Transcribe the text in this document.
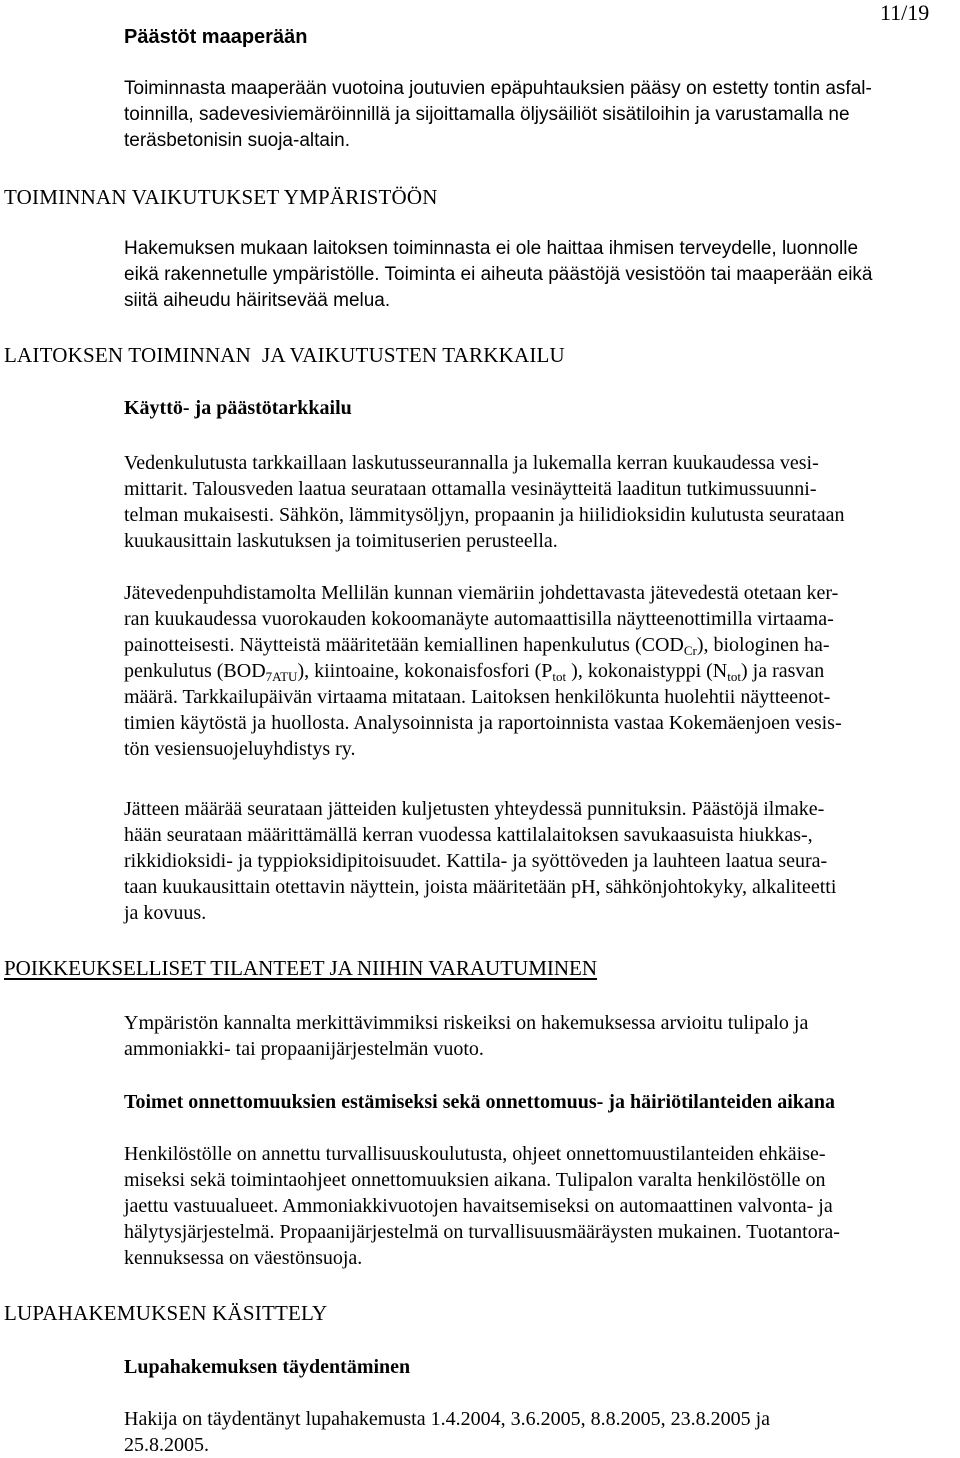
11/19
Päästöt maaperään
Toiminnasta maaperään vuotoina joutuvien epäpuhtauksien pääsy on estetty tontin asfal-
toinnilla, sadevesiviemäröinnillä ja sijoittamalla öljysäiliöt sisätiloihin ja varustamalla ne
teräsbetonisin suoja-altain.
TOIMINNAN VAIKUTUKSET YMPÄRISTÖÖN
Hakemuksen mukaan laitoksen toiminnasta ei ole haittaa ihmisen terveydelle, luonnolle
eikä rakennetulle ympäristölle. Toiminta ei aiheuta päästöjä vesistöön tai maaperään eikä
siitä aiheudu häiritsevää melua.
LAITOKSEN TOIMINNAN  JA VAIKUTUSTEN TARKKAILU
Käyttö- ja päästötarkkailu
Vedenkulutusta tarkkaillaan laskutusseurannalla ja lukemalla kerran kuukaudessa vesi-
mittarit. Talousveden laatua seurataan ottamalla vesinäytteitä laaditun tutkimussuunni-
telman mukaisesti. Sähkön, lämmitysöljyn, propaanin ja hiilidioksidin kulutusta seurataan
kuukausittain laskutuksen ja toimituserien perusteella.
Jätevedenpuhdistamolta Mellilän kunnan viemäriin johdettavasta jätevedestä otetaan ker-
ran kuukaudessa vuorokauden kokoomanäyte automaattisilla näytteenottimilla virtaama-
painotteisesti. Näytteistä määritetään kemiallinen hapenkulutus $(COD_{Cr})$, biologinen ha-
penkulutus $(BOD_{7ATU})$, kiintoaine, kokonaisfosfori ($P_{tot}$ ), kokonaistyppi $(N_{tot})$ ja rasvan
määrä. Tarkkailupäivän virtaama mitataan. Laitoksen henkilökunta huolehtii näytteenot-
timien käytöstä ja huollosta. Analysoinnista ja raportoinnista vastaa Kokemäenjoen vesis-
tön vesiensuojeluyhdistys ry.
Jätteen määrää seurataan jätteiden kuljetusten yhteydessä punnituksin. Päästöjä ilmake-
hään seurataan määrittämällä kerran vuodessa kattilalaitoksen savukaasuista hiukkas-,
rikkidioksidi- ja typpioksidipitoisuudet. Kattila- ja syöttöveden ja lauhteen laatua seura-
taan kuukausittain otettavin näyttein, joista määritetään pH, sähkönjohtokyky, alkaliteetti
ja kovuus.
POIKKEUKSELLISET TILANTEET JA NIIHIN VARAUTUMINEN
Ympäristön kannalta merkittävimmiksi riskeiksi on hakemuksessa arvioitu tulipalo ja
ammoniakki- tai propaanijärjestelmän vuoto.
Toimet onnettomuuksien estämiseksi sekä onnettomuus- ja häiriötilanteiden aikana
Henkilöstölle on annettu turvallisuuskoulutusta, ohjeet onnettomuustilanteiden ehkäise-
miseksi sekä toimintaohjeet onnettomuuksien aikana. Tulipalon varalta henkilöstölle on
jaettu vastuualueet. Ammoniakkivuotojen havaitsemiseksi on automaattinen valvonta- ja
hälytysjärjestelmä. Propaanijärjestelmä on turvallisuusmääräysten mukainen. Tuotantora-
kennuksessa on väestönsuoja.
LUPAHAKEMUKSEN KÄSITTELY
Lupahakemuksen täydentäminen
Hakija on täydentänyt lupahakemusta 1.4.2004, 3.6.2005, 8.8.2005, 23.8.2005 ja
25.8.2005.
